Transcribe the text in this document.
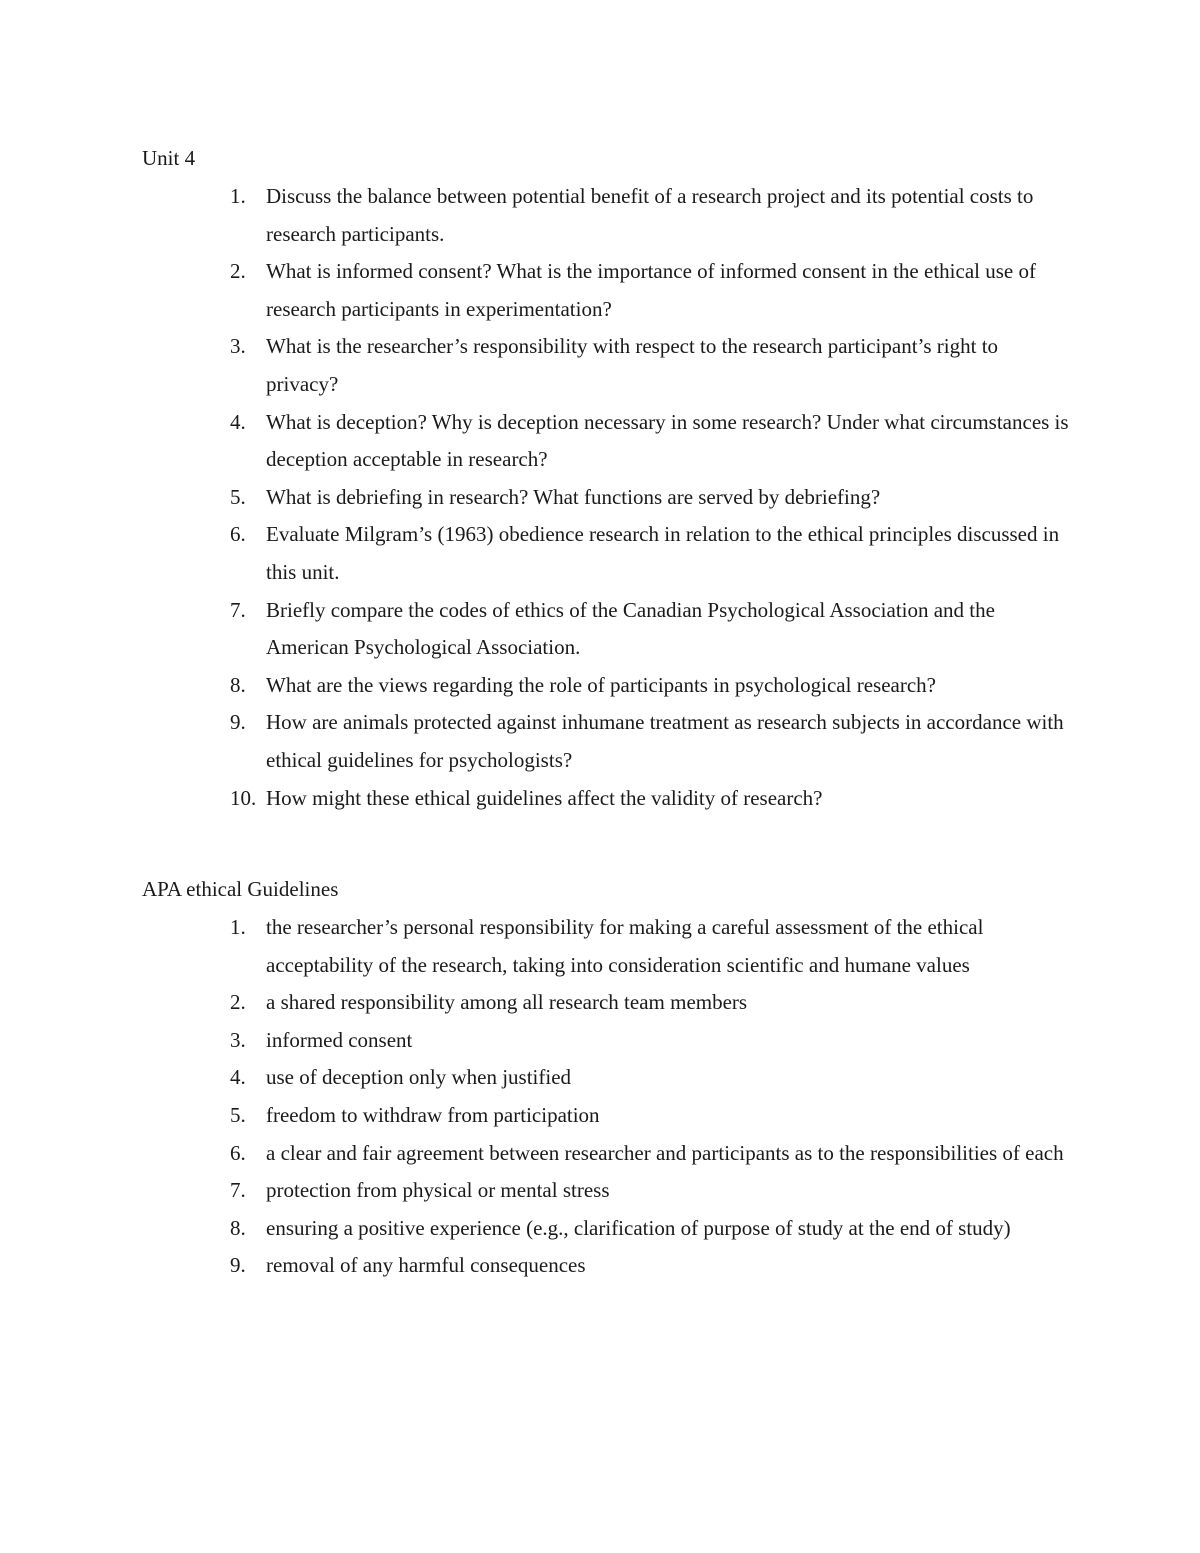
Unit 4
1. Discuss the balance between potential benefit of a research project and its potential costs to research participants.
2. What is informed consent? What is the importance of informed consent in the ethical use of research participants in experimentation?
3. What is the researcher’s responsibility with respect to the research participant’s right to privacy?
4. What is deception? Why is deception necessary in some research? Under what circumstances is deception acceptable in research?
5. What is debriefing in research? What functions are served by debriefing?
6. Evaluate Milgram’s (1963) obedience research in relation to the ethical principles discussed in this unit.
7. Briefly compare the codes of ethics of the Canadian Psychological Association and the American Psychological Association.
8. What are the views regarding the role of participants in psychological research?
9. How are animals protected against inhumane treatment as research subjects in accordance with ethical guidelines for psychologists?
10. How might these ethical guidelines affect the validity of research?
APA ethical Guidelines
1. the researcher’s personal responsibility for making a careful assessment of the ethical acceptability of the research, taking into consideration scientific and humane values
2. a shared responsibility among all research team members
3. informed consent
4. use of deception only when justified
5. freedom to withdraw from participation
6. a clear and fair agreement between researcher and participants as to the responsibilities of each
7. protection from physical or mental stress
8. ensuring a positive experience (e.g., clarification of purpose of study at the end of study)
9. removal of any harmful consequences
